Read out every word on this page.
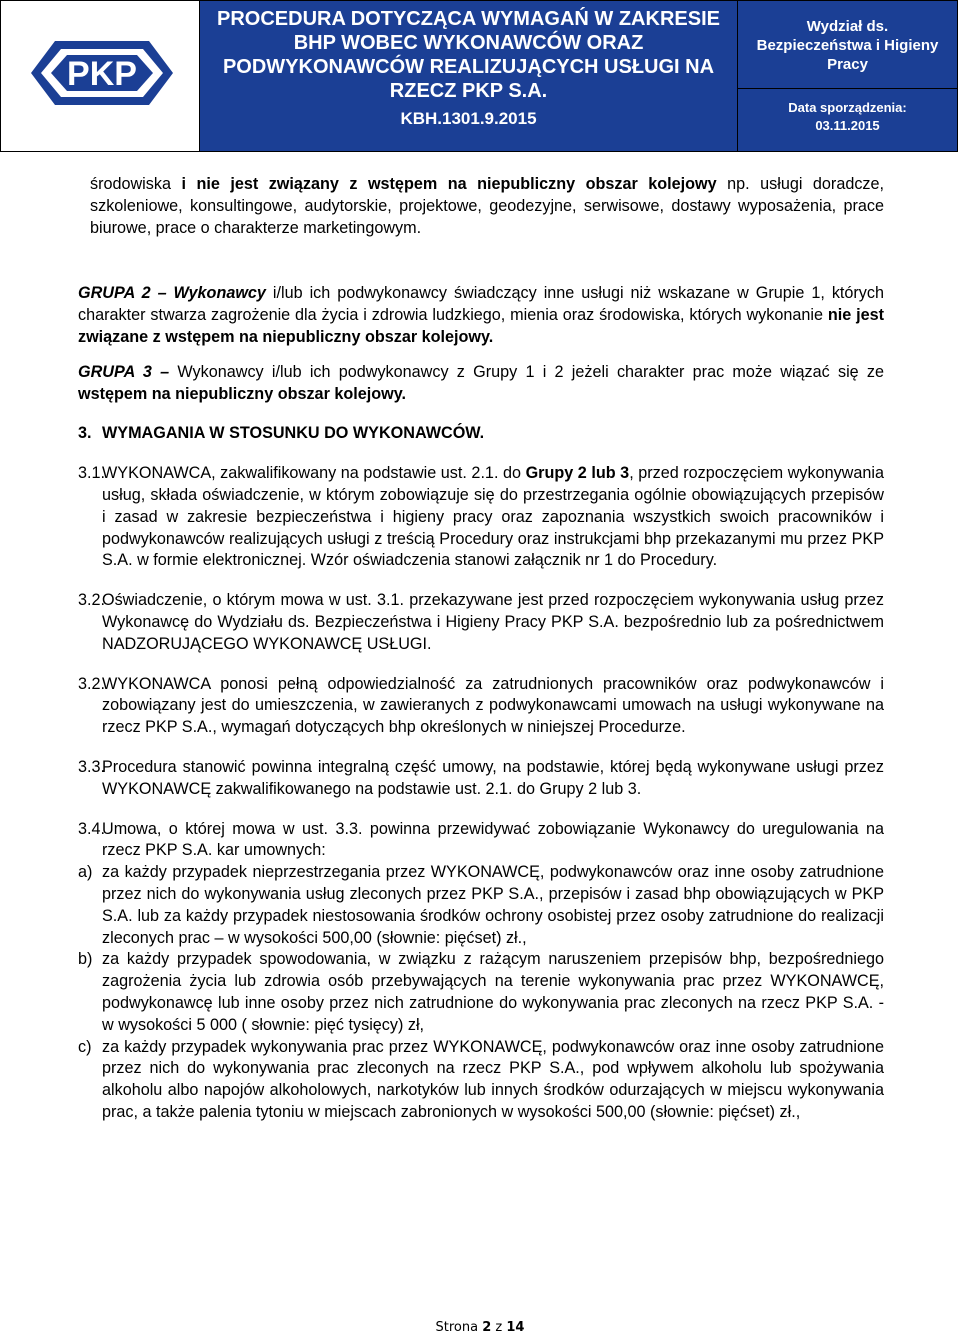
PKP
PROCEDURA DOTYCZĄCA WYMAGAŃ W ZAKRESIE
BHP WOBEC WYKONAWCÓW ORAZ
PODWYKONAWCÓW REALIZUJĄCYCH USŁUGI NA
RZECZ PKP S.A.
KBH.1301.9.2015
Wydział ds.
Bezpieczeństwa i Higieny
Pracy
Data sporządzenia:
03.11.2015

środowiska i nie jest związany z wstępem na niepubliczny obszar kolejowy np. usługi doradcze, szkoleniowe, konsultingowe, audytorskie, projektowe, geodezyjne, serwisowe, dostawy wyposażenia, prace biurowe, prace o charakterze marketingowym.

GRUPA 2 – Wykonawcy i/lub ich podwykonawcy świadczący inne usługi niż wskazane w Grupie 1, których charakter stwarza zagrożenie dla życia i zdrowia ludzkiego, mienia oraz środowiska, których wykonanie nie jest związane z wstępem na niepubliczny obszar kolejowy.

GRUPA 3 – Wykonawcy i/lub ich podwykonawcy z Grupy 1 i 2 jeżeli charakter prac może wiązać się ze wstępem na niepubliczny obszar kolejowy.

3. WYMAGANIA W STOSUNKU DO WYKONAWCÓW.
3.1.
WYKONAWCA, zakwalifikowany na podstawie ust. 2.1. do Grupy 2 lub 3, przed rozpoczęciem wykonywania usług, składa oświadczenie, w którym zobowiązuje się do przestrzegania ogólnie obowiązujących przepisów i zasad w zakresie bezpieczeństwa i higieny pracy oraz zapoznania wszystkich swoich pracowników i podwykonawców realizujących usługi z treścią Procedury oraz instrukcjami bhp przekazanymi mu przez PKP S.A. w formie elektronicznej. Wzór oświadczenia stanowi załącznik nr 1 do Procedury.
3.2.
Oświadczenie, o którym mowa w ust. 3.1. przekazywane jest przed rozpoczęciem wykonywania usług przez Wykonawcę do Wydziału ds. Bezpieczeństwa i Higieny Pracy PKP S.A. bezpośrednio lub za pośrednictwem NADZORUJĄCEGO WYKONAWCĘ USŁUGI.
3.2.
WYKONAWCA ponosi pełną odpowiedzialność za zatrudnionych pracowników oraz podwykonawców i zobowiązany jest do umieszczenia, w zawieranych z podwykonawcami umowach na usługi wykonywane na rzecz PKP S.A., wymagań dotyczących bhp określonych w niniejszej Procedurze.
3.3.
Procedura stanowić powinna integralną część umowy, na podstawie, której będą wykonywane usługi przez WYKONAWCĘ zakwalifikowanego na podstawie ust. 2.1. do Grupy 2 lub 3.
3.4.
Umowa, o której mowa w ust. 3.3. powinna przewidywać zobowiązanie Wykonawcy do uregulowania na rzecz PKP S.A. kar umownych:
a) za każdy przypadek nieprzestrzegania przez WYKONAWCĘ, podwykonawców oraz inne osoby zatrudnione przez nich do wykonywania usług zleconych przez PKP S.A., przepisów i zasad bhp obowiązujących w PKP S.A. lub za każdy przypadek niestosowania środków ochrony osobistej przez osoby zatrudnione do realizacji zleconych prac – w wysokości 500,00 (słownie: pięćset) zł.,
b) za każdy przypadek spowodowania, w związku z rażącym naruszeniem przepisów bhp, bezpośredniego zagrożenia życia lub zdrowia osób przebywających na terenie wykonywania prac przez WYKONAWCĘ, podwykonawcę lub inne osoby przez nich zatrudnione do wykonywania prac zleconych na rzecz PKP S.A. - w wysokości 5 000 ( słownie: pięć tysięcy) zł,
c) za każdy przypadek wykonywania prac przez WYKONAWCĘ, podwykonawców oraz inne osoby zatrudnione przez nich do wykonywania prac zleconych na rzecz PKP S.A., pod wpływem alkoholu lub spożywania alkoholu albo napojów alkoholowych, narkotyków lub innych środków odurzających w miejscu wykonywania prac, a także palenia tytoniu w miejscach zabronionych w wysokości 500,00 (słownie: pięćset) zł.,
Strona 2 z 14
